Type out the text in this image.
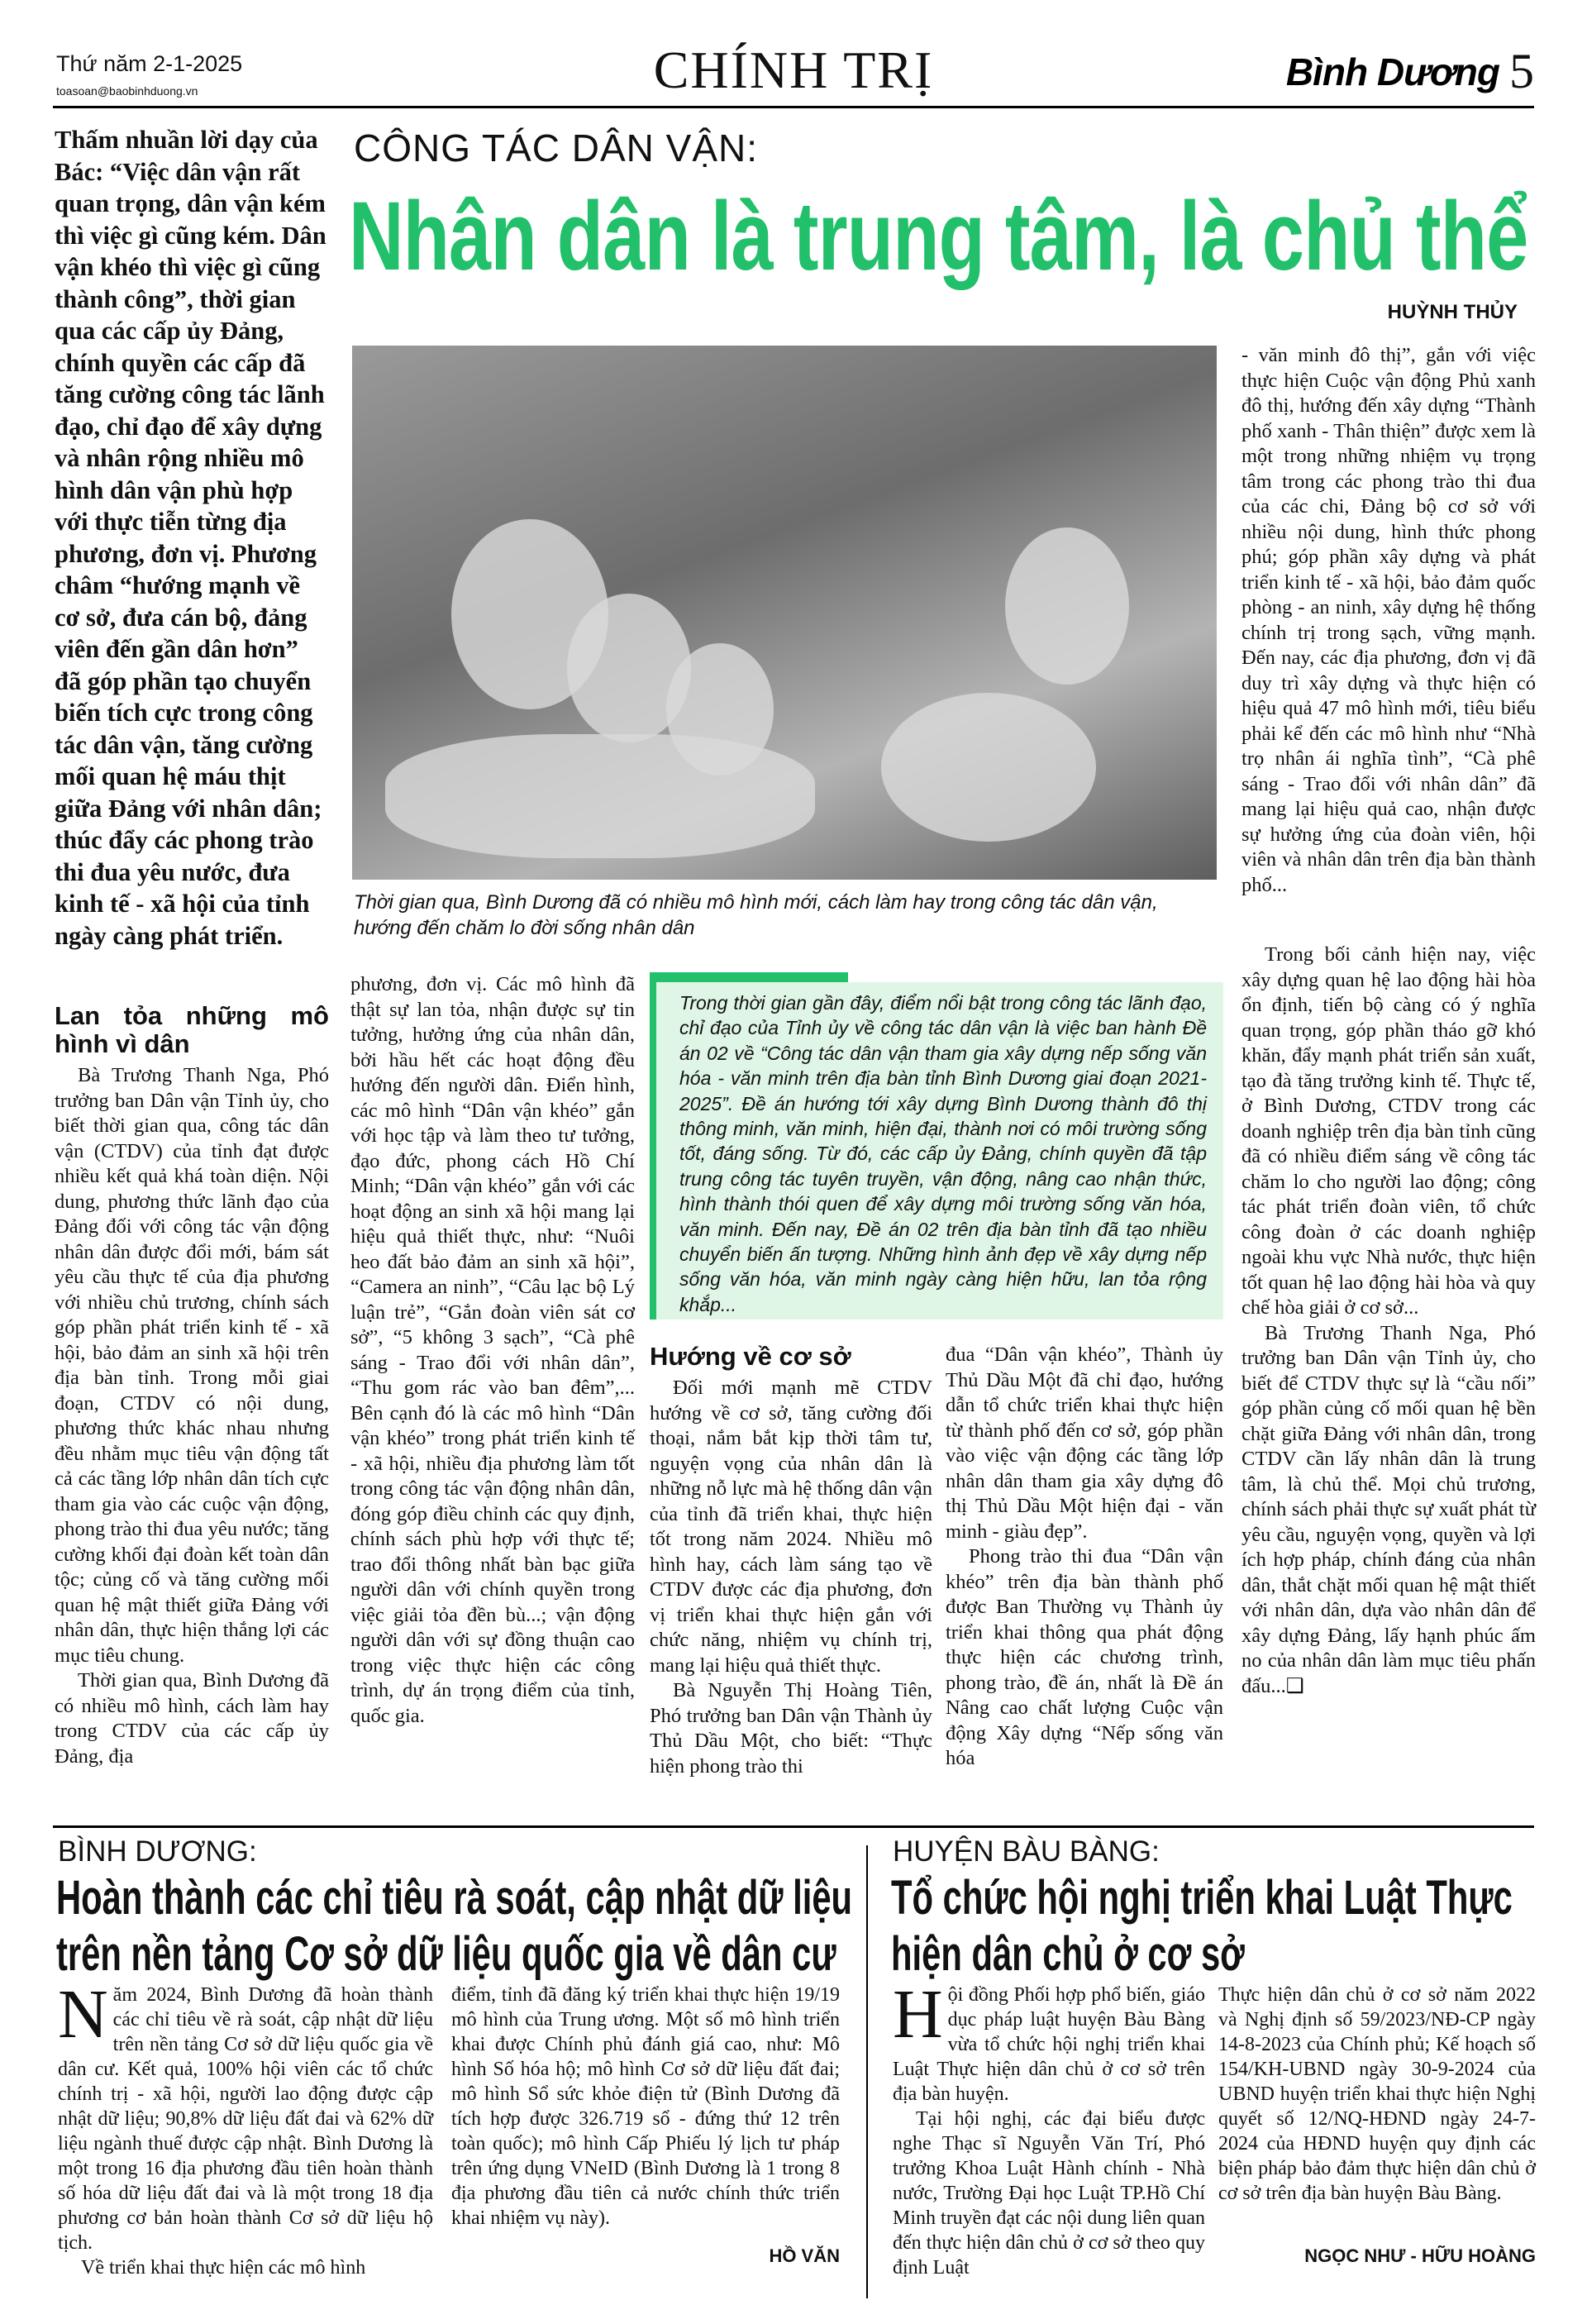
Thứ năm 2-1-2025
toasoan@baobinhduong.vn	CHÍNH TRỊ	Bình Dương 5
Thấm nhuần lời dạy của Bác: “Việc dân vận rất quan trọng, dân vận kém thì việc gì cũng kém. Dân vận khéo thì việc gì cũng thành công”, thời gian qua các cấp ủy Đảng, chính quyền các cấp đã tăng cường công tác lãnh đạo, chỉ đạo để xây dựng và nhân rộng nhiều mô hình dân vận phù hợp với thực tiễn từng địa phương, đơn vị. Phương châm “hướng mạnh về cơ sở, đưa cán bộ, đảng viên đến gần dân hơn” đã góp phần tạo chuyển biến tích cực trong công tác dân vận, tăng cường mối quan hệ máu thịt giữa Đảng với nhân dân; thúc đẩy các phong trào thi đua yêu nước, đưa kinh tế - xã hội của tỉnh ngày càng phát triển.
CÔNG TÁC DÂN VẬN:
Nhân dân là trung tâm, là chủ thể
HUỲNH THỦY
Thời gian qua, Bình Dương đã có nhiều mô hình mới, cách làm hay trong công tác dân vận, hướng đến chăm lo đời sống nhân dân

- văn minh đô thị”, gắn với việc thực hiện Cuộc vận động Phủ xanh đô thị, hướng đến xây dựng “Thành phố xanh - Thân thiện” được xem là một trong những nhiệm vụ trọng tâm trong các phong trào thi đua của các chi, Đảng bộ cơ sở với nhiều nội dung, hình thức phong phú; góp phần xây dựng và phát triển kinh tế - xã hội, bảo đảm quốc phòng - an ninh, xây dựng hệ thống chính trị trong sạch, vững mạnh. Đến nay, các địa phương, đơn vị đã duy trì xây dựng và thực hiện có hiệu quả 47 mô hình mới, tiêu biểu phải kể đến các mô hình như “Nhà trọ nhân ái nghĩa tình”, “Cà phê sáng - Trao đổi với nhân dân” đã mang lại hiệu quả cao, nhận được sự hưởng ứng của đoàn viên, hội viên và nhân dân trên địa bàn thành phố...

Lan tỏa những mô hình vì dân

Bà Trương Thanh Nga, Phó trưởng ban Dân vận Tỉnh ủy, cho biết thời gian qua, công tác dân vận (CTDV) của tỉnh đạt được nhiều kết quả khá toàn diện. Nội dung, phương thức lãnh đạo của Đảng đối với công tác vận động nhân dân được đổi mới, bám sát yêu cầu thực tế của địa phương với nhiều chủ trương, chính sách góp phần phát triển kinh tế - xã hội, bảo đảm an sinh xã hội trên địa bàn tỉnh. Trong mỗi giai đoạn, CTDV có nội dung, phương thức khác nhau nhưng đều nhằm mục tiêu vận động tất cả các tầng lớp nhân dân tích cực tham gia vào các cuộc vận động, phong trào thi đua yêu nước; tăng cường khối đại đoàn kết toàn dân tộc; củng cố và tăng cường mối quan hệ mật thiết giữa Đảng với nhân dân, thực hiện thắng lợi các mục tiêu chung.

Thời gian qua, Bình Dương đã có nhiều mô hình, cách làm hay trong CTDV của các cấp ủy Đảng, địa

phương, đơn vị. Các mô hình đã thật sự lan tỏa, nhận được sự tin tưởng, hưởng ứng của nhân dân, bởi hầu hết các hoạt động đều hướng đến người dân. Điển hình, các mô hình “Dân vận khéo” gắn với học tập và làm theo tư tưởng, đạo đức, phong cách Hồ Chí Minh; “Dân vận khéo” gắn với các hoạt động an sinh xã hội mang lại hiệu quả thiết thực, như: “Nuôi heo đất bảo đảm an sinh xã hội”, “Camera an ninh”, “Câu lạc bộ Lý luận trẻ”, “Gắn đoàn viên sát cơ sở”, “5 không 3 sạch”, “Cà phê sáng - Trao đổi với nhân dân”, “Thu gom rác vào ban đêm”,... Bên cạnh đó là các mô hình “Dân vận khéo” trong phát triển kinh tế - xã hội, nhiều địa phương làm tốt trong công tác vận động nhân dân, đóng góp điều chỉnh các quy định, chính sách phù hợp với thực tế; trao đổi thông nhất bàn bạc giữa người dân với chính quyền trong việc giải tỏa đền bù...; vận động người dân với sự đồng thuận cao trong việc thực hiện các công trình, dự án trọng điểm của tỉnh, quốc gia.

Trong thời gian gần đây, điểm nổi bật trong công tác lãnh đạo, chỉ đạo của Tỉnh ủy về công tác dân vận là việc ban hành Đề án 02 về “Công tác dân vận tham gia xây dựng nếp sống văn hóa - văn minh trên địa bàn tỉnh Bình Dương giai đoạn 2021-2025”. Đề án hướng tới xây dựng Bình Dương thành đô thị thông minh, văn minh, hiện đại, thành nơi có môi trường sống tốt, đáng sống. Từ đó, các cấp ủy Đảng, chính quyền đã tập trung công tác tuyên truyền, vận động, nâng cao nhận thức, hình thành thói quen để xây dựng môi trường sống văn hóa, văn minh. Đến nay, Đề án 02 trên địa bàn tỉnh đã tạo nhiều chuyển biến ấn tượng. Những hình ảnh đẹp về xây dựng nếp sống văn hóa, văn minh ngày càng hiện hữu, lan tỏa rộng khắp...
Hướng về cơ sở

Đối mới mạnh mẽ CTDV hướng về cơ sở, tăng cường đối thoại, nắm bắt kịp thời tâm tư, nguyện vọng của nhân dân là những nỗ lực mà hệ thống dân vận của tỉnh đã triển khai, thực hiện tốt trong năm 2024. Nhiều mô hình hay, cách làm sáng tạo về CTDV được các địa phương, đơn vị triển khai thực hiện gắn với chức năng, nhiệm vụ chính trị, mang lại hiệu quả thiết thực.

Bà Nguyễn Thị Hoàng Tiên, Phó trưởng ban Dân vận Thành ủy Thủ Dầu Một, cho biết: “Thực hiện phong trào thi

đua “Dân vận khéo”, Thành ủy Thủ Dầu Một đã chỉ đạo, hướng dẫn tổ chức triển khai thực hiện từ thành phố đến cơ sở, góp phần vào việc vận động các tầng lớp nhân dân tham gia xây dựng đô thị Thủ Dầu Một hiện đại - văn minh - giàu đẹp”.

Phong trào thi đua “Dân vận khéo” trên địa bàn thành phố được Ban Thường vụ Thành ủy triển khai thông qua phát động thực hiện các chương trình, phong trào, đề án, nhất là Đề án Nâng cao chất lượng Cuộc vận động Xây dựng “Nếp sống văn hóa

Trong bối cảnh hiện nay, việc xây dựng quan hệ lao động hài hòa ổn định, tiến bộ càng có ý nghĩa quan trọng, góp phần tháo gỡ khó khăn, đẩy mạnh phát triển sản xuất, tạo đà tăng trưởng kinh tế. Thực tế, ở Bình Dương, CTDV trong các doanh nghiệp trên địa bàn tỉnh cũng đã có nhiều điểm sáng về công tác chăm lo cho người lao động; công tác phát triển đoàn viên, tổ chức công đoàn ở các doanh nghiệp ngoài khu vực Nhà nước, thực hiện tốt quan hệ lao động hài hòa và quy chế hòa giải ở cơ sở...

Bà Trương Thanh Nga, Phó trưởng ban Dân vận Tỉnh ủy, cho biết để CTDV thực sự là “cầu nối” góp phần củng cố mối quan hệ bền chặt giữa Đảng với nhân dân, trong CTDV cần lấy nhân dân là trung tâm, là chủ thể. Mọi chủ trương, chính sách phải thực sự xuất phát từ yêu cầu, nguyện vọng, quyền và lợi ích hợp pháp, chính đáng của nhân dân, thắt chặt mối quan hệ mật thiết với nhân dân, dựa vào nhân dân để xây dựng Đảng, lấy hạnh phúc ấm no của nhân dân làm mục tiêu phấn đấu...❑

BÌNH DƯƠNG:
Hoàn thành các chỉ tiêu rà soát, cập nhật dữ liệu trên nền tảng Cơ sở dữ liệu quốc gia về dân cư

Năm 2024, Bình Dương đã hoàn thành các chỉ tiêu về rà soát, cập nhật dữ liệu trên nền tảng Cơ sở dữ liệu quốc gia về dân cư. Kết quả, 100% hội viên các tổ chức chính trị - xã hội, người lao động được cập nhật dữ liệu; 90,8% dữ liệu đất đai và 62% dữ liệu ngành thuế được cập nhật. Bình Dương là một trong 16 địa phương đầu tiên hoàn thành số hóa dữ liệu đất đai và là một trong 18 địa phương cơ bản hoàn thành Cơ sở dữ liệu hộ tịch.

Về triển khai thực hiện các mô hình

điểm, tỉnh đã đăng ký triển khai thực hiện 19/19 mô hình của Trung ương. Một số mô hình triển khai được Chính phủ đánh giá cao, như: Mô hình Số hóa hộ; mô hình Cơ sở dữ liệu đất đai; mô hình Sổ sức khỏe điện tử (Bình Dương đã tích hợp được 326.719 sổ - đứng thứ 12 trên toàn quốc); mô hình Cấp Phiếu lý lịch tư pháp trên ứng dụng VNeID (Bình Dương là 1 trong 8 địa phương đầu tiên cả nước chính thức triển khai nhiệm vụ này).

HỒ VĂN
HUYỆN BÀU BÀNG:
Tổ chức hội nghị triển khai Luật Thực hiện dân chủ ở cơ sở

Hội đồng Phối hợp phổ biến, giáo dục pháp luật huyện Bàu Bàng vừa tổ chức hội nghị triển khai Luật Thực hiện dân chủ ở cơ sở trên địa bàn huyện.

Tại hội nghị, các đại biểu được nghe Thạc sĩ Nguyễn Văn Trí, Phó trưởng Khoa Luật Hành chính - Nhà nước, Trường Đại học Luật TP.Hồ Chí Minh truyền đạt các nội dung liên quan đến thực hiện dân chủ ở cơ sở theo quy định Luật

Thực hiện dân chủ ở cơ sở năm 2022 và Nghị định số 59/2023/NĐ-CP ngày 14-8-2023 của Chính phủ; Kế hoạch số 154/KH-UBND ngày 30-9-2024 của UBND huyện triển khai thực hiện Nghị quyết số 12/NQ-HĐND ngày 24-7-2024 của HĐND huyện quy định các biện pháp bảo đảm thực hiện dân chủ ở cơ sở trên địa bàn huyện Bàu Bàng.

NGỌC NHƯ - HỮU HOÀNG
